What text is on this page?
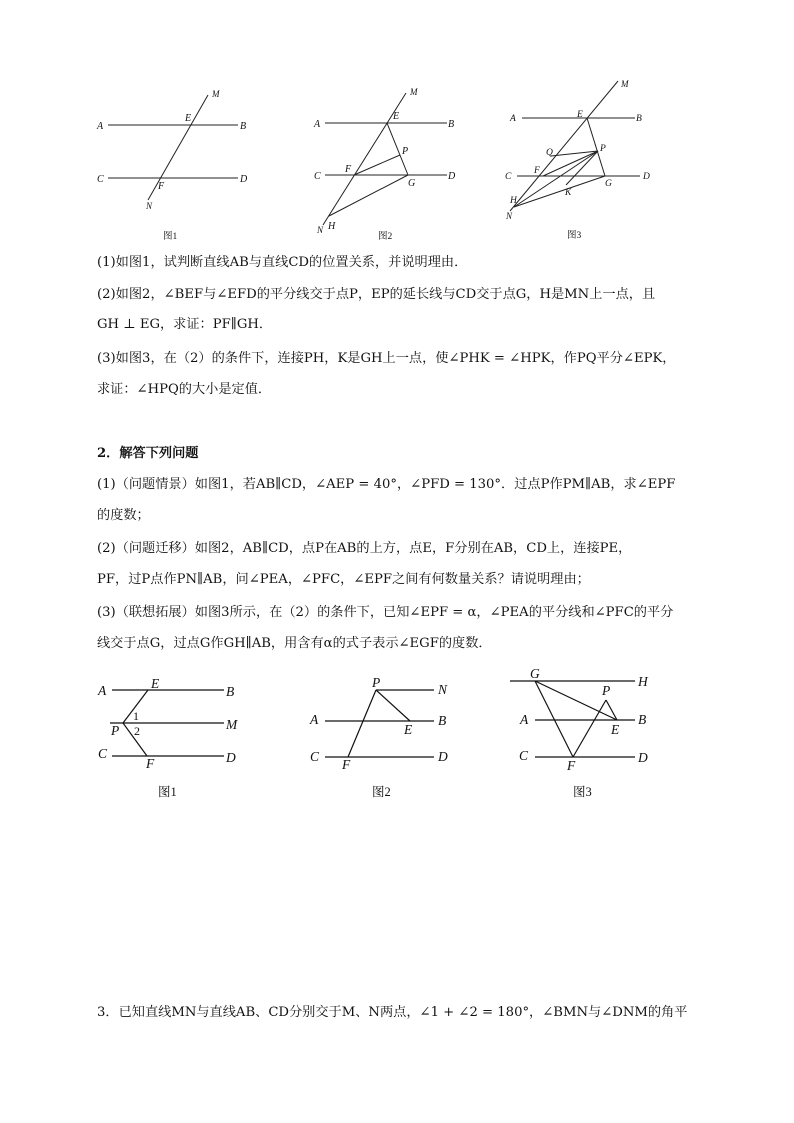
A	B
C	D
E
F
M
N
图1
A	B
C	D
E
F
P
G
H
M
N
图2
A	B
C	D
E
F
P
G
H
Q
K
M
N
图3
(1)如图1，试判断直线AB与直线CD的位置关系，并说明理由．
(2)如图2，∠BEF与∠EFD的平分线交于点P，EP的延长线与CD交于点G，H是MN上一点，且
GH ⊥ EG，求证：PF∥GH．
(3)如图3，在（2）的条件下，连接PH，K是GH上一点，使∠PHK = ∠HPK，作PQ平分∠EPK，
求证：∠HPQ的大小是定值．
2．解答下列问题
(1)（问题情景）如图1，若AB∥CD，∠AEP = 40°，∠PFD = 130°．过点P作PM∥AB，求∠EPF
的度数；
(2)（问题迁移）如图2，AB∥CD，点P在AB的上方，点E，F分别在AB，CD上，连接PE，
PF，过P点作PN∥AB，问∠PEA，∠PFC，∠EPF之间有何数量关系？请说明理由；
(3)（联想拓展）如图3所示，在（2）的条件下，已知∠EPF = α，∠PEA的平分线和∠PFC的平分
线交于点G，过点G作GH∥AB，用含有α的式子表示∠EGF的度数．
A	B
C	D
E
F
P	M
1
2
图1
P	N
A	B
E
C	D
F
图2
G
H
P
A	B
E
C	D
F
图3
3．已知直线MN与直线AB、CD分别交于M、N两点，∠1 + ∠2 = 180°，∠BMN与∠DNM的角平
